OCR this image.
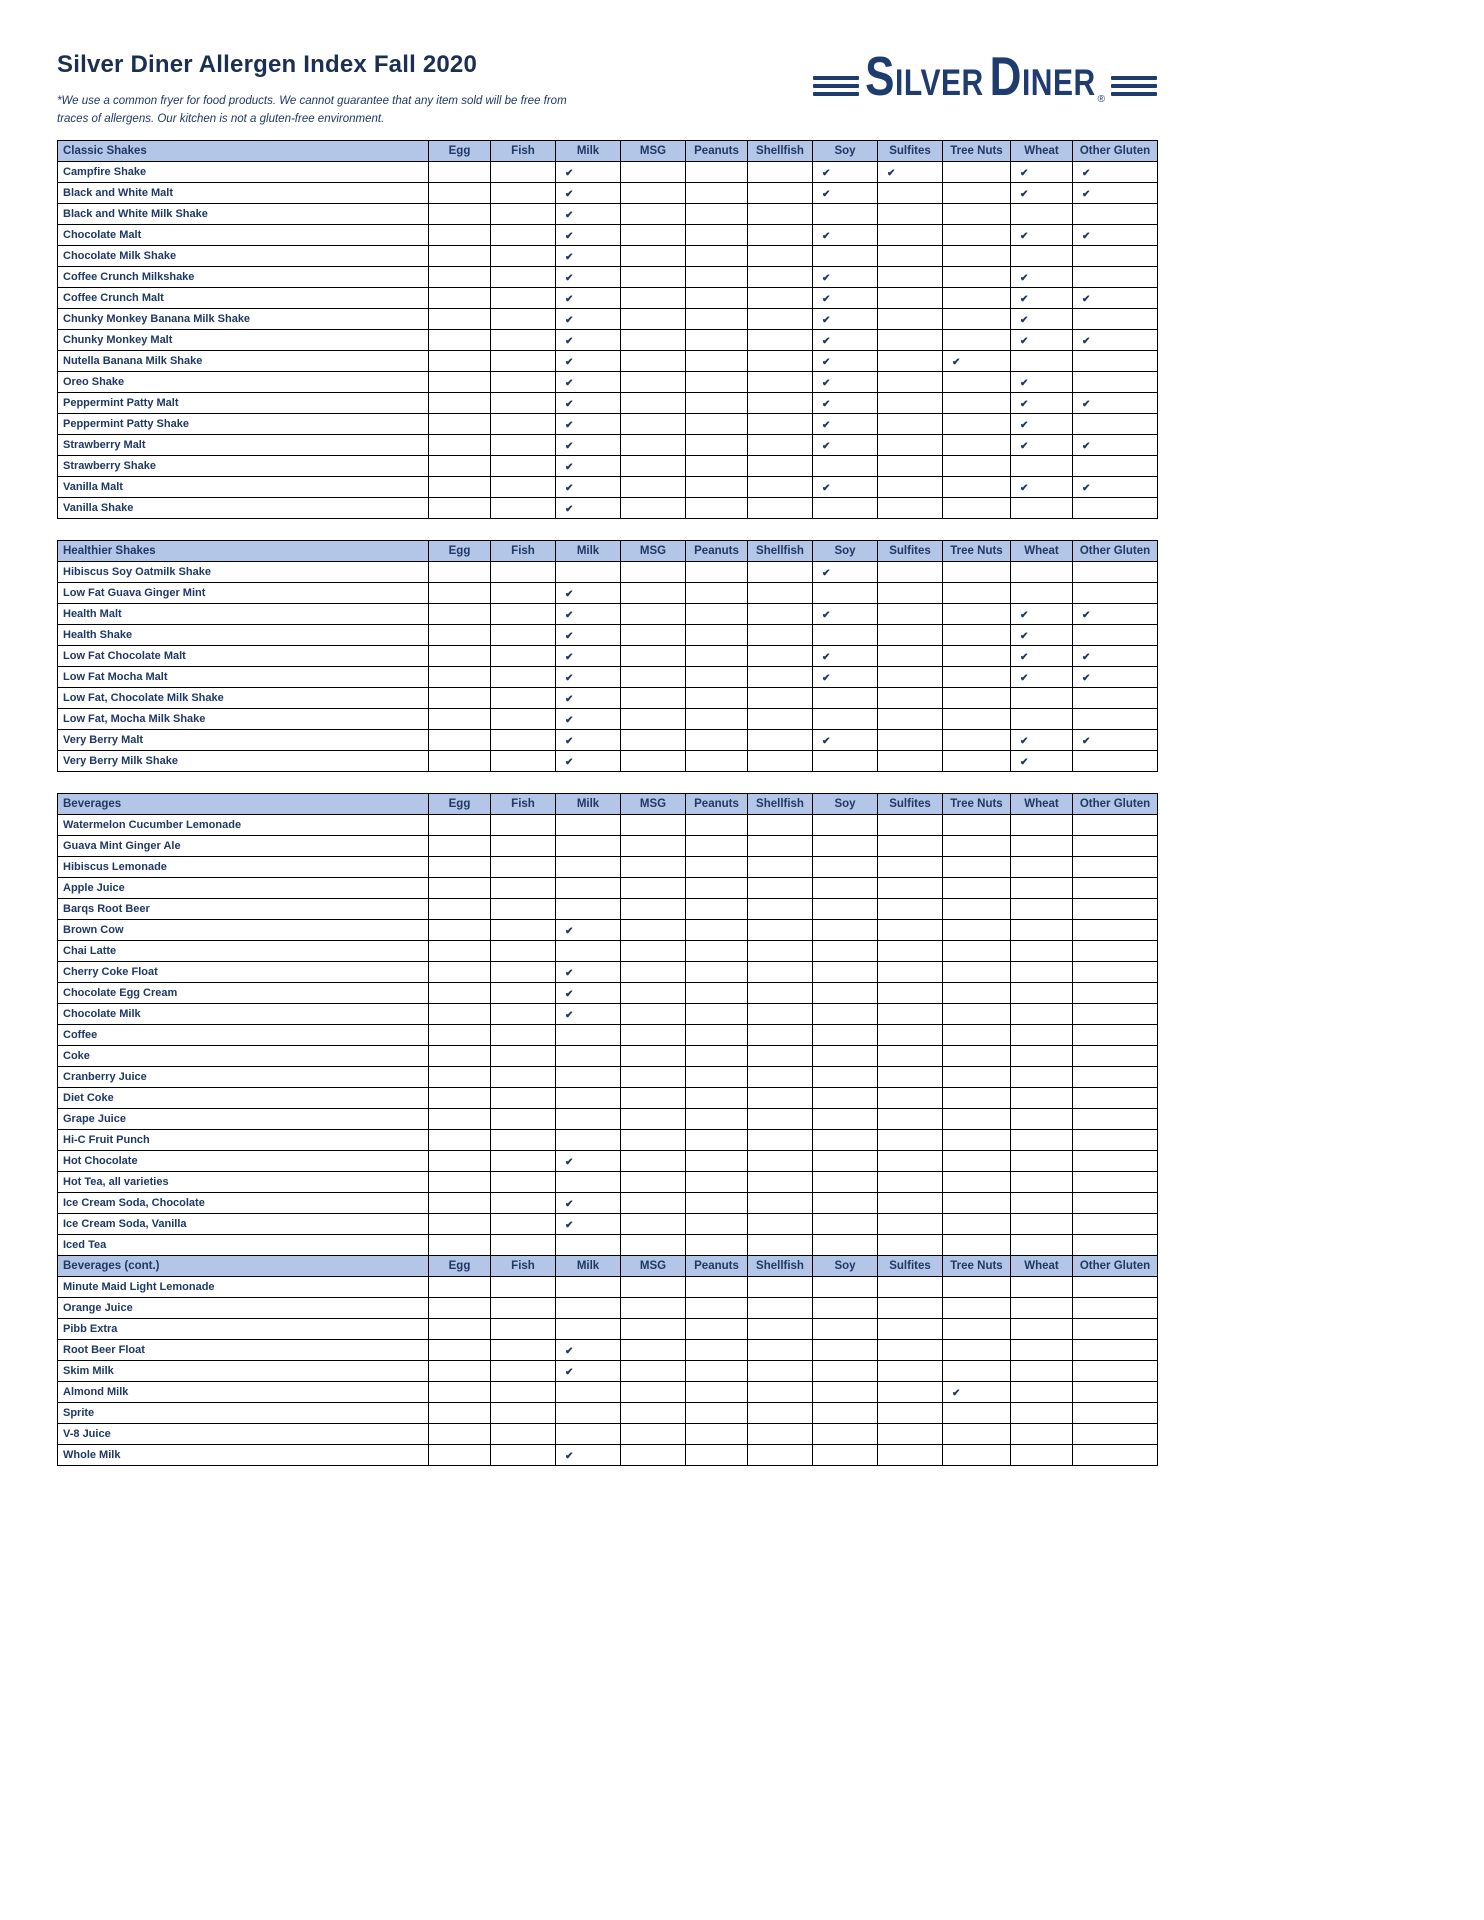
Silver Diner Allergen Index Fall 2020

*We use a common fryer for food products. We cannot guarantee that any item sold will be free from
traces of allergens. Our kitchen is not a gluten-free environment.

SILVER DINER ®
Classic Shakes	Egg	Fish	Milk	MSG	Peanuts	Shellfish	Soy	Sulfites	Tree Nuts	Wheat	Other Gluten
Campfire Shake			✔				✔	✔		✔	✔
Black and White Malt			✔				✔			✔	✔
Black and White Milk Shake			✔								
Chocolate Malt			✔				✔			✔	✔
Chocolate Milk Shake			✔								
Coffee Crunch Milkshake			✔				✔			✔	
Coffee Crunch Malt			✔				✔			✔	✔
Chunky Monkey Banana Milk Shake			✔				✔			✔	
Chunky Monkey Malt			✔				✔			✔	✔
Nutella Banana Milk Shake			✔				✔		✔		
Oreo Shake			✔				✔			✔	
Peppermint Patty Malt			✔				✔			✔	✔
Peppermint Patty Shake			✔				✔			✔	
Strawberry Malt			✔				✔			✔	✔
Strawberry Shake			✔								
Vanilla Malt			✔				✔			✔	✔
Vanilla Shake			✔								
Healthier Shakes	Egg	Fish	Milk	MSG	Peanuts	Shellfish	Soy	Sulfites	Tree Nuts	Wheat	Other Gluten
Hibiscus Soy Oatmilk Shake							✔				
Low Fat Guava Ginger Mint			✔								
Health Malt			✔				✔			✔	✔
Health Shake			✔							✔	
Low Fat Chocolate Malt			✔				✔			✔	✔
Low Fat Mocha Malt			✔				✔			✔	✔
Low Fat, Chocolate Milk Shake			✔								
Low Fat, Mocha Milk Shake			✔								
Very Berry Malt			✔				✔			✔	✔
Very Berry Milk Shake			✔							✔	
Beverages	Egg	Fish	Milk	MSG	Peanuts	Shellfish	Soy	Sulfites	Tree Nuts	Wheat	Other Gluten
Watermelon Cucumber Lemonade											
Guava Mint Ginger Ale											
Hibiscus Lemonade											
Apple Juice											
Barqs Root Beer											
Brown Cow			✔								
Chai Latte											
Cherry Coke Float			✔								
Chocolate Egg Cream			✔								
Chocolate Milk			✔								
Coffee											
Coke											
Cranberry Juice											
Diet Coke											
Grape Juice											
Hi-C Fruit Punch											
Hot Chocolate			✔								
Hot Tea, all varieties											
Ice Cream Soda, Chocolate			✔								
Ice Cream Soda, Vanilla			✔								
Iced Tea											
Beverages (cont.)	Egg	Fish	Milk	MSG	Peanuts	Shellfish	Soy	Sulfites	Tree Nuts	Wheat	Other Gluten
Minute Maid Light Lemonade											
Orange Juice											
Pibb Extra											
Root Beer Float			✔								
Skim Milk			✔								
Almond Milk									✔		
Sprite											
V-8 Juice											
Whole Milk			✔								
